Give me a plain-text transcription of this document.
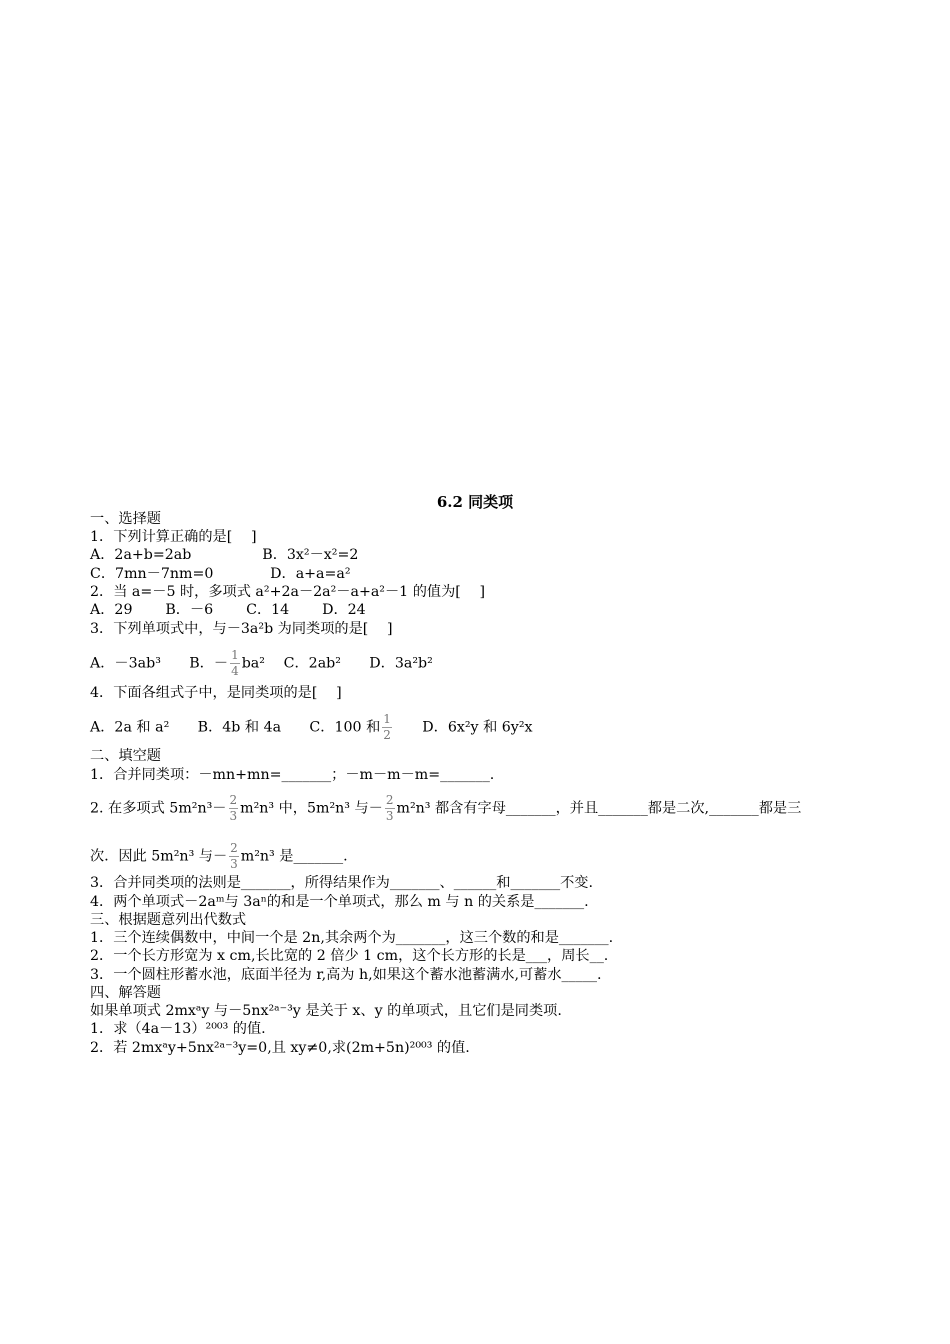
6.2 同类项
一、选择题
1．下列计算正确的是[　 ]
A．2a+b=2ab　　　　　B．3x²－x²=2
C．7mn－7nm=0　　　　D．a+a=a²
2．当 a=－5 时，多项式 a²+2a－2a²－a+a²－1 的值为[　 ]
A．29　　 B．－6　　 C．14　　 D．24
3．下列单项式中，与－3a²b 为同类项的是[　 ]
4．下面各组式子中，是同类项的是[　 ]
二、填空题
1．合并同类项：－mn+mn=_______；－m－m－m=_______.
3．合并同类项的法则是_______，所得结果作为_______、______和_______不变.
4．两个单项式－2aᵐ与 3aⁿ的和是一个单项式，那么 m 与 n 的关系是_______.
三、根据题意列出代数式
1．三个连续偶数中，中间一个是 2n,其余两个为_______，这三个数的和是_______.
2．一个长方形宽为 x cm,长比宽的 2 倍少 1 cm，这个长方形的长是___，周长__.
3．一个圆柱形蓄水池，底面半径为 r,高为 h,如果这个蓄水池蓄满水,可蓄水_____.
四、解答题
如果单项式 2mxᵃy 与－5nx²ᵃ⁻³y 是关于 x、y 的单项式，且它们是同类项.
1．求（4a－13）²⁰⁰³ 的值.
2．若 2mxᵃy+5nx²ᵃ⁻³y=0,且 xy≠0,求(2m+5n)²⁰⁰³ 的值.
A．－3ab³　　B．－ $\frac{1}{4} ba^2$　 C．2ab²　　D．3a²b²
A．2a 和 a²　　B．4b 和 4a　　C．100 和 $\frac{1}{2}$ 　　D．6x²y 和 6y²x
2. 在多项式 $5m^2n^3- \frac{2}{3} m^2n^3$ 中，5m²n³ 与－ $\frac{2}{3} m^2n^3$ 都含有字母_______，并且_______都是二次,_______都是三
次．因此 5m²n³ 与－ $\frac{2}{3} m^2n^3$ 是_______.
